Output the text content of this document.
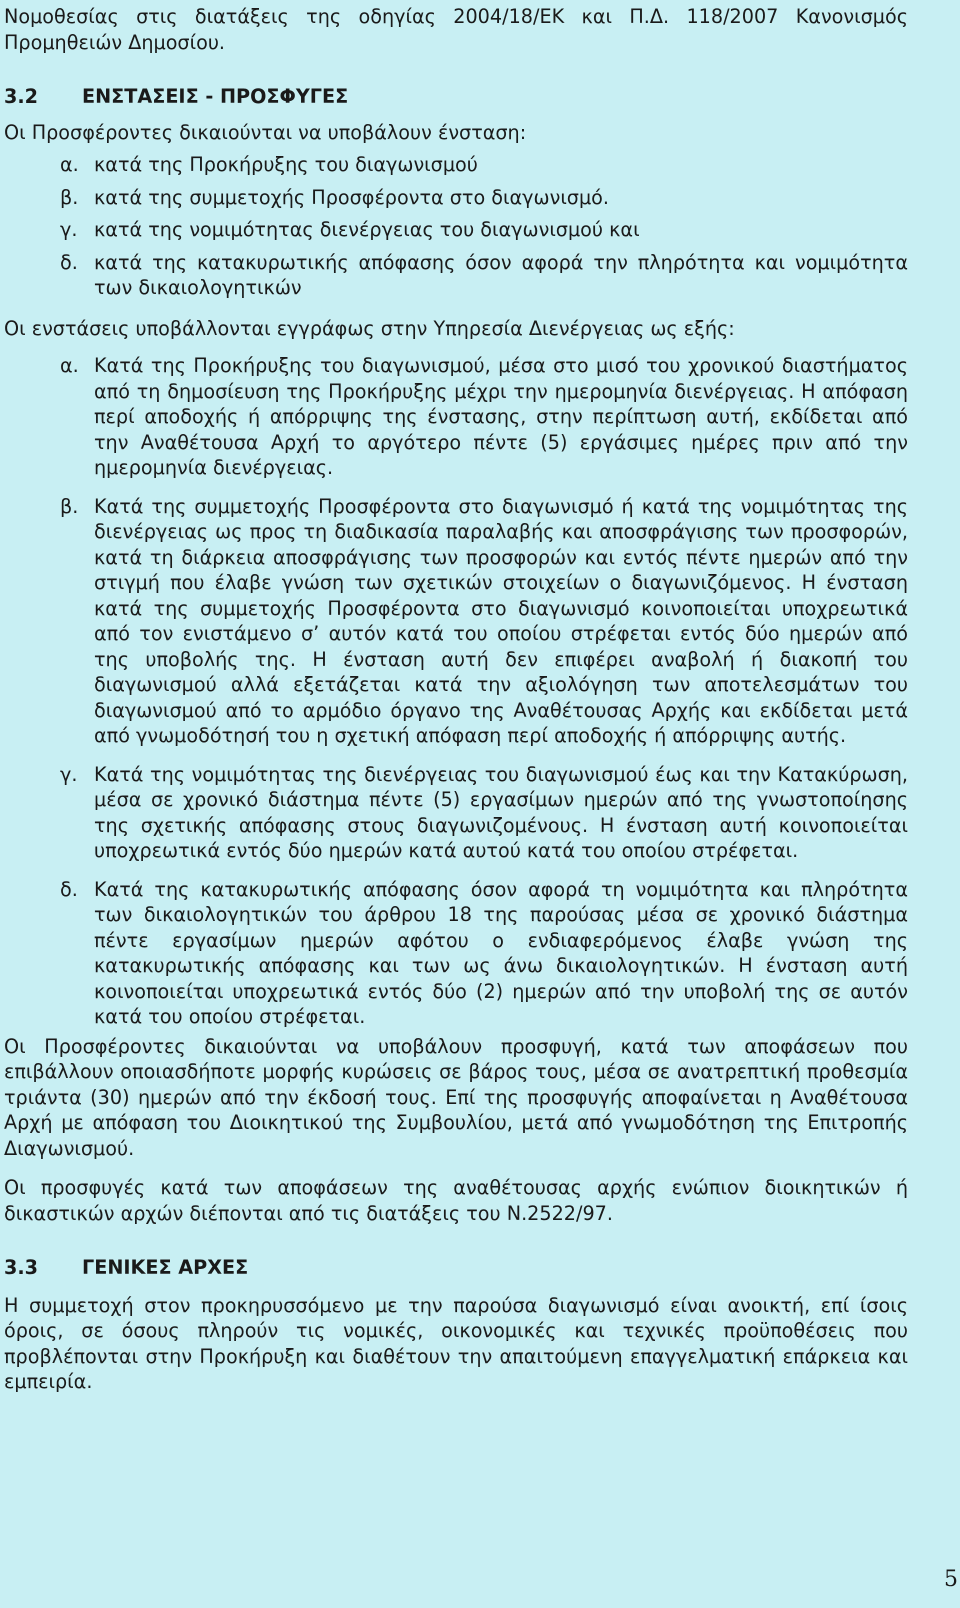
Νομοθεσίας στις διατάξεις της οδηγίας 2004/18/ΕΚ και Π.Δ. 118/2007 Κανονισμός Προμηθειών Δημοσίου.

3.2	ΕΝΣΤΑΣΕΙΣ - ΠΡΟΣΦΥΓΕΣ

Οι Προσφέροντες δικαιούνται να υποβάλουν ένσταση:

α. κατά της Προκήρυξης του διαγωνισμού
β. κατά της συμμετοχής Προσφέροντα στο διαγωνισμό.
γ. κατά της νομιμότητας διενέργειας του διαγωνισμού και
δ. κατά της κατακυρωτικής απόφασης όσον αφορά την πληρότητα και νομιμότητα των δικαιολογητικών

Οι ενστάσεις υποβάλλονται εγγράφως στην Υπηρεσία Διενέργειας ως εξής:

α. Κατά της Προκήρυξης του διαγωνισμού, μέσα στο μισό του χρονικού διαστήματος από τη δημοσίευση της Προκήρυξης μέχρι την ημερομηνία διενέργειας. Η απόφαση περί αποδοχής ή απόρριψης της ένστασης, στην περίπτωση αυτή, εκδίδεται από την Αναθέτουσα Αρχή το αργότερο πέντε (5) εργάσιμες ημέρες πριν από την ημερομηνία διενέργειας.
β. Κατά της συμμετοχής Προσφέροντα στο διαγωνισμό ή κατά της νομιμότητας της διενέργειας ως προς τη διαδικασία παραλαβής και αποσφράγισης των προσφορών, κατά τη διάρκεια αποσφράγισης των προσφορών και εντός πέντε ημερών από την στιγμή που έλαβε γνώση των σχετικών στοιχείων ο διαγωνιζόμενος. Η ένσταση κατά της συμμετοχής Προσφέροντα στο διαγωνισμό κοινοποιείται υποχρεωτικά από τον ενιστάμενο σ’ αυτόν κατά του οποίου στρέφεται εντός δύο ημερών από της υποβολής της. Η ένσταση αυτή δεν επιφέρει αναβολή ή διακοπή του διαγωνισμού αλλά εξετάζεται κατά την αξιολόγηση των αποτελεσμάτων του διαγωνισμού από το αρμόδιο όργανο της Αναθέτουσας Αρχής και εκδίδεται μετά από γνωμοδότησή του η σχετική απόφαση περί αποδοχής ή απόρριψης αυτής.
γ. Κατά της νομιμότητας της διενέργειας του διαγωνισμού έως και την Κατακύρωση, μέσα σε χρονικό διάστημα πέντε (5) εργασίμων ημερών από της γνωστοποίησης της σχετικής απόφασης στους διαγωνιζομένους. Η ένσταση αυτή κοινοποιείται υποχρεωτικά εντός δύο ημερών κατά αυτού κατά του οποίου στρέφεται.
δ. Κατά της κατακυρωτικής απόφασης όσον αφορά τη νομιμότητα και πληρότητα των δικαιολογητικών του άρθρου 18 της παρούσας μέσα σε χρονικό διάστημα πέντε εργασίμων ημερών αφότου ο ενδιαφερόμενος έλαβε γνώση της κατακυρωτικής απόφασης και των ως άνω δικαιολογητικών. Η ένσταση αυτή κοινοποιείται υποχρεωτικά εντός δύο (2) ημερών από την υποβολή της σε αυτόν κατά του οποίου στρέφεται.

Οι Προσφέροντες δικαιούνται να υποβάλουν προσφυγή, κατά των αποφάσεων που επιβάλλουν οποιασδήποτε μορφής κυρώσεις σε βάρος τους, μέσα σε ανατρεπτική προθεσμία τριάντα (30) ημερών από την έκδοσή τους. Επί της προσφυγής αποφαίνεται η Αναθέτουσα Αρχή με απόφαση του Διοικητικού της Συμβουλίου, μετά από γνωμοδότηση της Επιτροπής Διαγωνισμού.

Οι προσφυγές κατά των αποφάσεων της αναθέτουσας αρχής ενώπιον διοικητικών ή δικαστικών αρχών διέπονται από τις διατάξεις του Ν.2522/97.

3.3	ΓΕΝΙΚΕΣ ΑΡΧΕΣ

Η συμμετοχή στον προκηρυσσόμενο με την παρούσα διαγωνισμό είναι ανοικτή, επί ίσοις όροις, σε όσους πληρούν τις νομικές, οικονομικές και τεχνικές προϋποθέσεις που προβλέπονται στην Προκήρυξη και διαθέτουν την απαιτούμενη επαγγελματική επάρκεια και εμπειρία.

5
